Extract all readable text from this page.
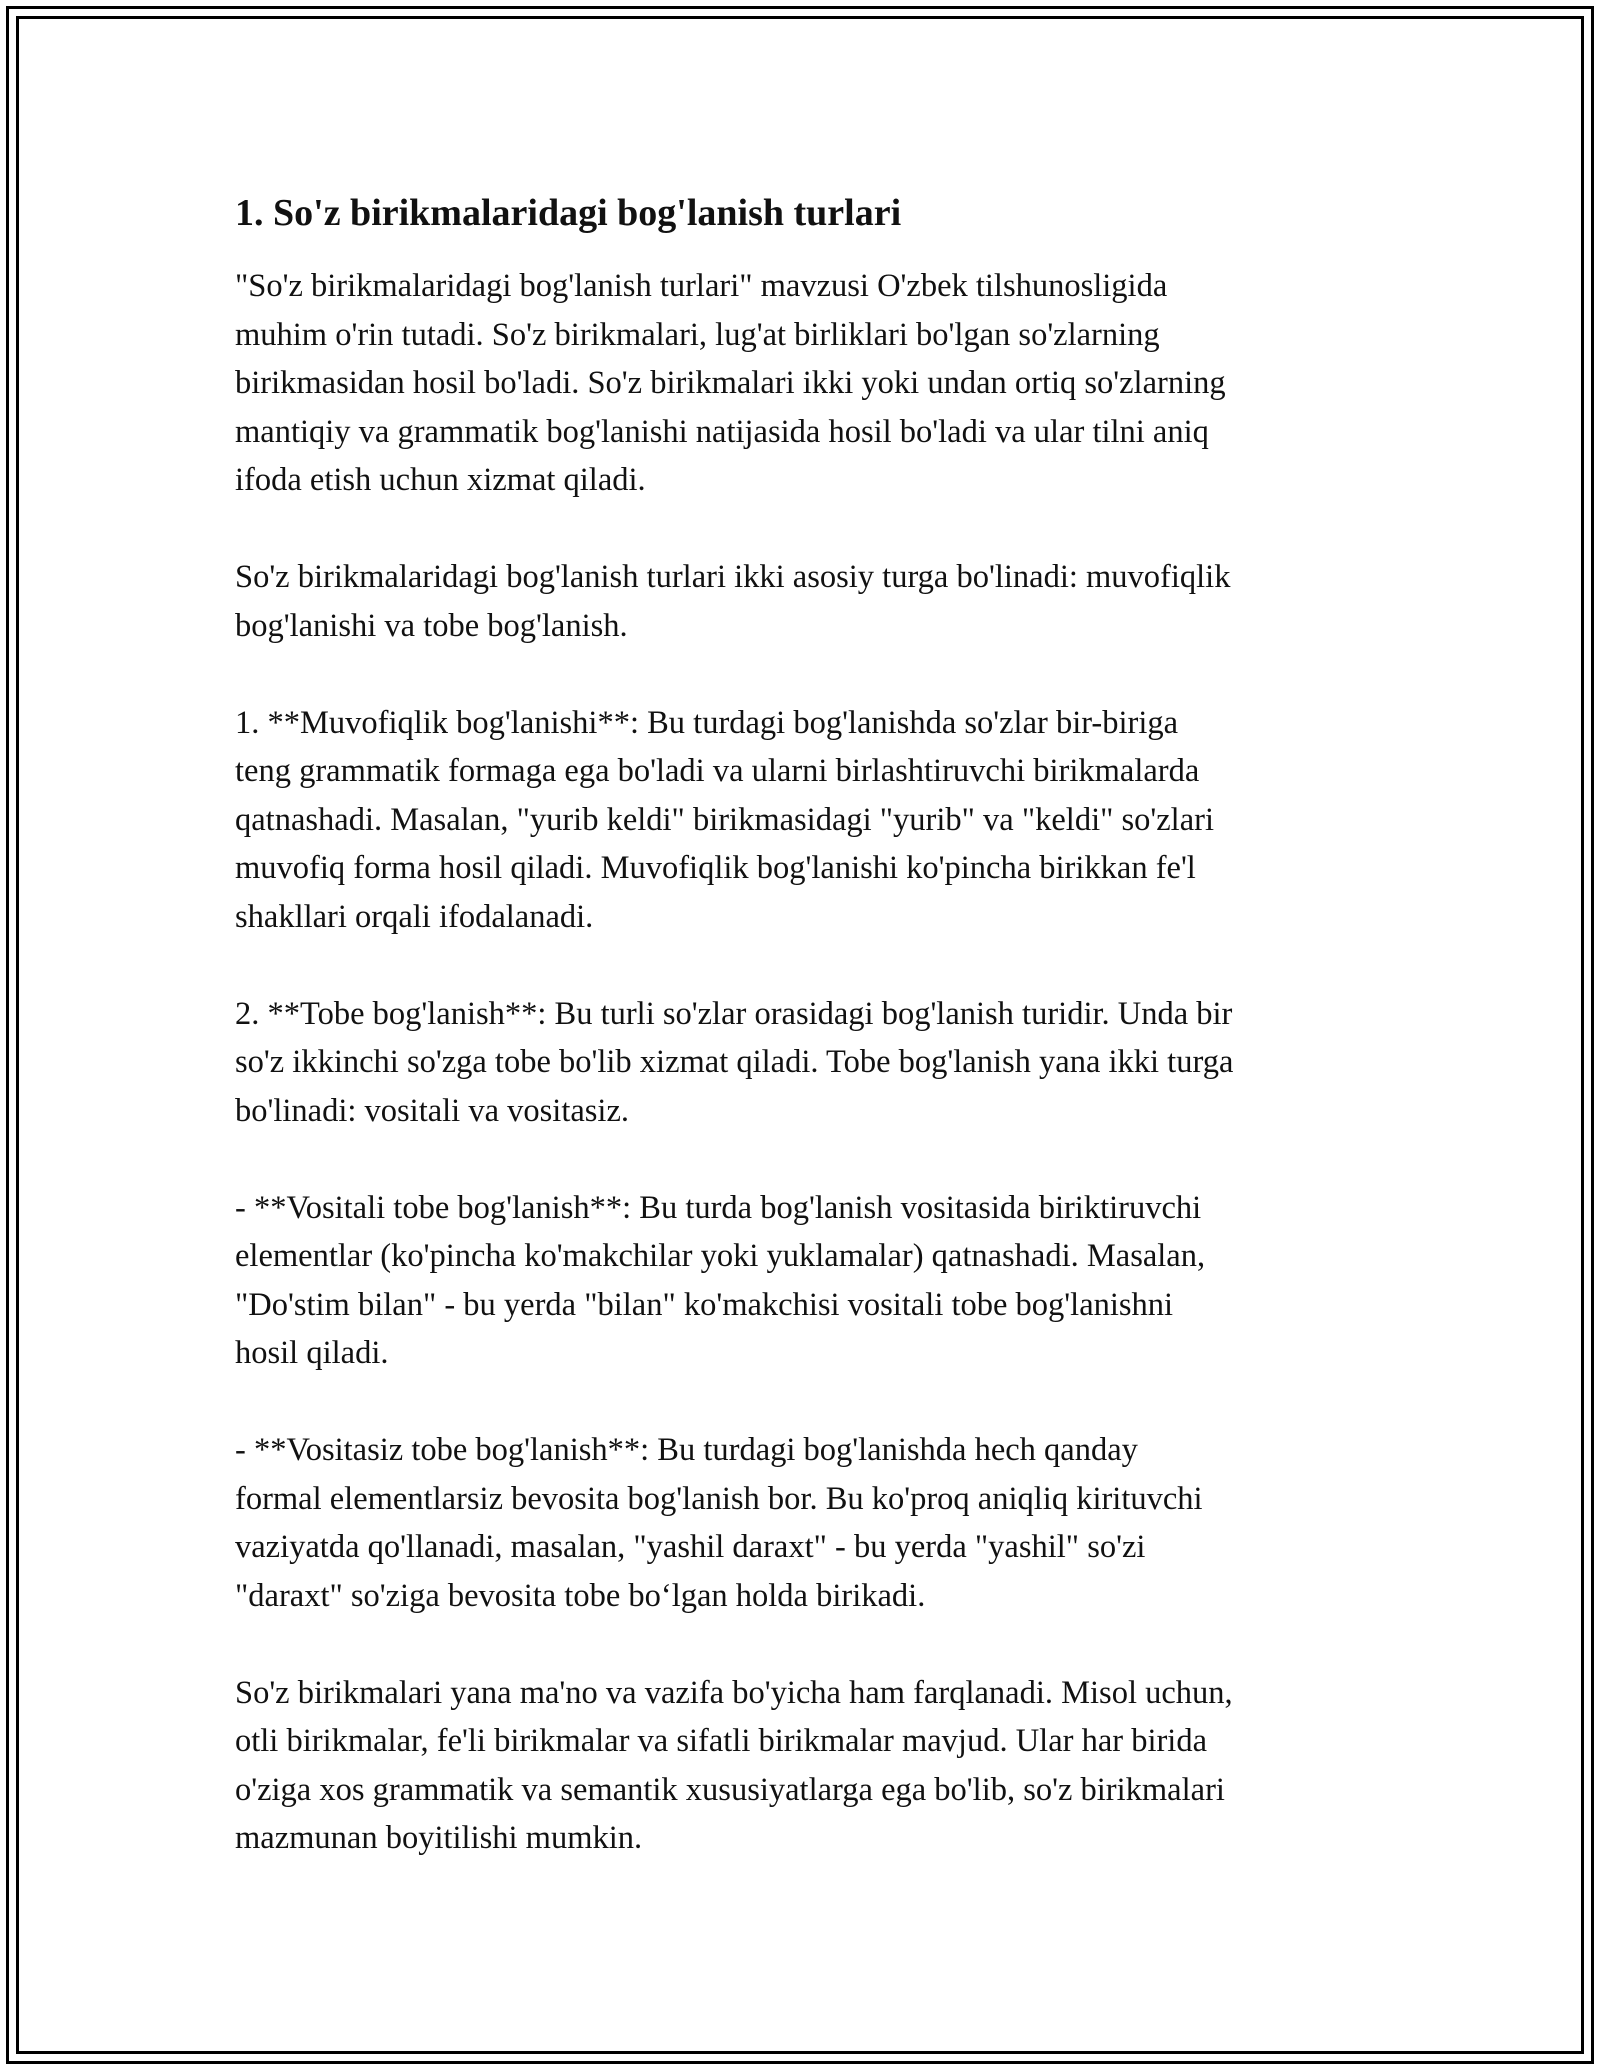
1. So'z birikmalaridagi bog'lanish turlari

"So'z birikmalaridagi bog'lanish turlari" mavzusi O'zbek tilshunosligida
muhim o'rin tutadi. So'z birikmalari, lug'at birliklari bo'lgan so'zlarning
birikmasidan hosil bo'ladi. So'z birikmalari ikki yoki undan ortiq so'zlarning
mantiqiy va grammatik bog'lanishi natijasida hosil bo'ladi va ular tilni aniq
ifoda etish uchun xizmat qiladi.

So'z birikmalaridagi bog'lanish turlari ikki asosiy turga bo'linadi: muvofiqlik
bog'lanishi va tobe bog'lanish.

1. **Muvofiqlik bog'lanishi**: Bu turdagi bog'lanishda so'zlar bir-biriga
teng grammatik formaga ega bo'ladi va ularni birlashtiruvchi birikmalarda
qatnashadi. Masalan, "yurib keldi" birikmasidagi "yurib" va "keldi" so'zlari
muvofiq forma hosil qiladi. Muvofiqlik bog'lanishi ko'pincha birikkan fe'l
shakllari orqali ifodalanadi.

2. **Tobe bog'lanish**: Bu turli so'zlar orasidagi bog'lanish turidir. Unda bir
so'z ikkinchi so'zga tobe bo'lib xizmat qiladi. Tobe bog'lanish yana ikki turga
bo'linadi: vositali va vositasiz.

- **Vositali tobe bog'lanish**: Bu turda bog'lanish vositasida biriktiruvchi
elementlar (ko'pincha ko'makchilar yoki yuklamalar) qatnashadi. Masalan,
"Do'stim bilan" - bu yerda "bilan" ko'makchisi vositali tobe bog'lanishni
hosil qiladi.

- **Vositasiz tobe bog'lanish**: Bu turdagi bog'lanishda hech qanday
formal elementlarsiz bevosita bog'lanish bor. Bu ko'proq aniqliq kirituvchi
vaziyatda qo'llanadi, masalan, "yashil daraxt" - bu yerda "yashil" so'zi
"daraxt" so'ziga bevosita tobe bo‘lgan holda birikadi.

So'z birikmalari yana ma'no va vazifa bo'yicha ham farqlanadi. Misol uchun,
otli birikmalar, fe'li birikmalar va sifatli birikmalar mavjud. Ular har birida
o'ziga xos grammatik va semantik xususiyatlarga ega bo'lib, so'z birikmalari
mazmunan boyitilishi mumkin.
